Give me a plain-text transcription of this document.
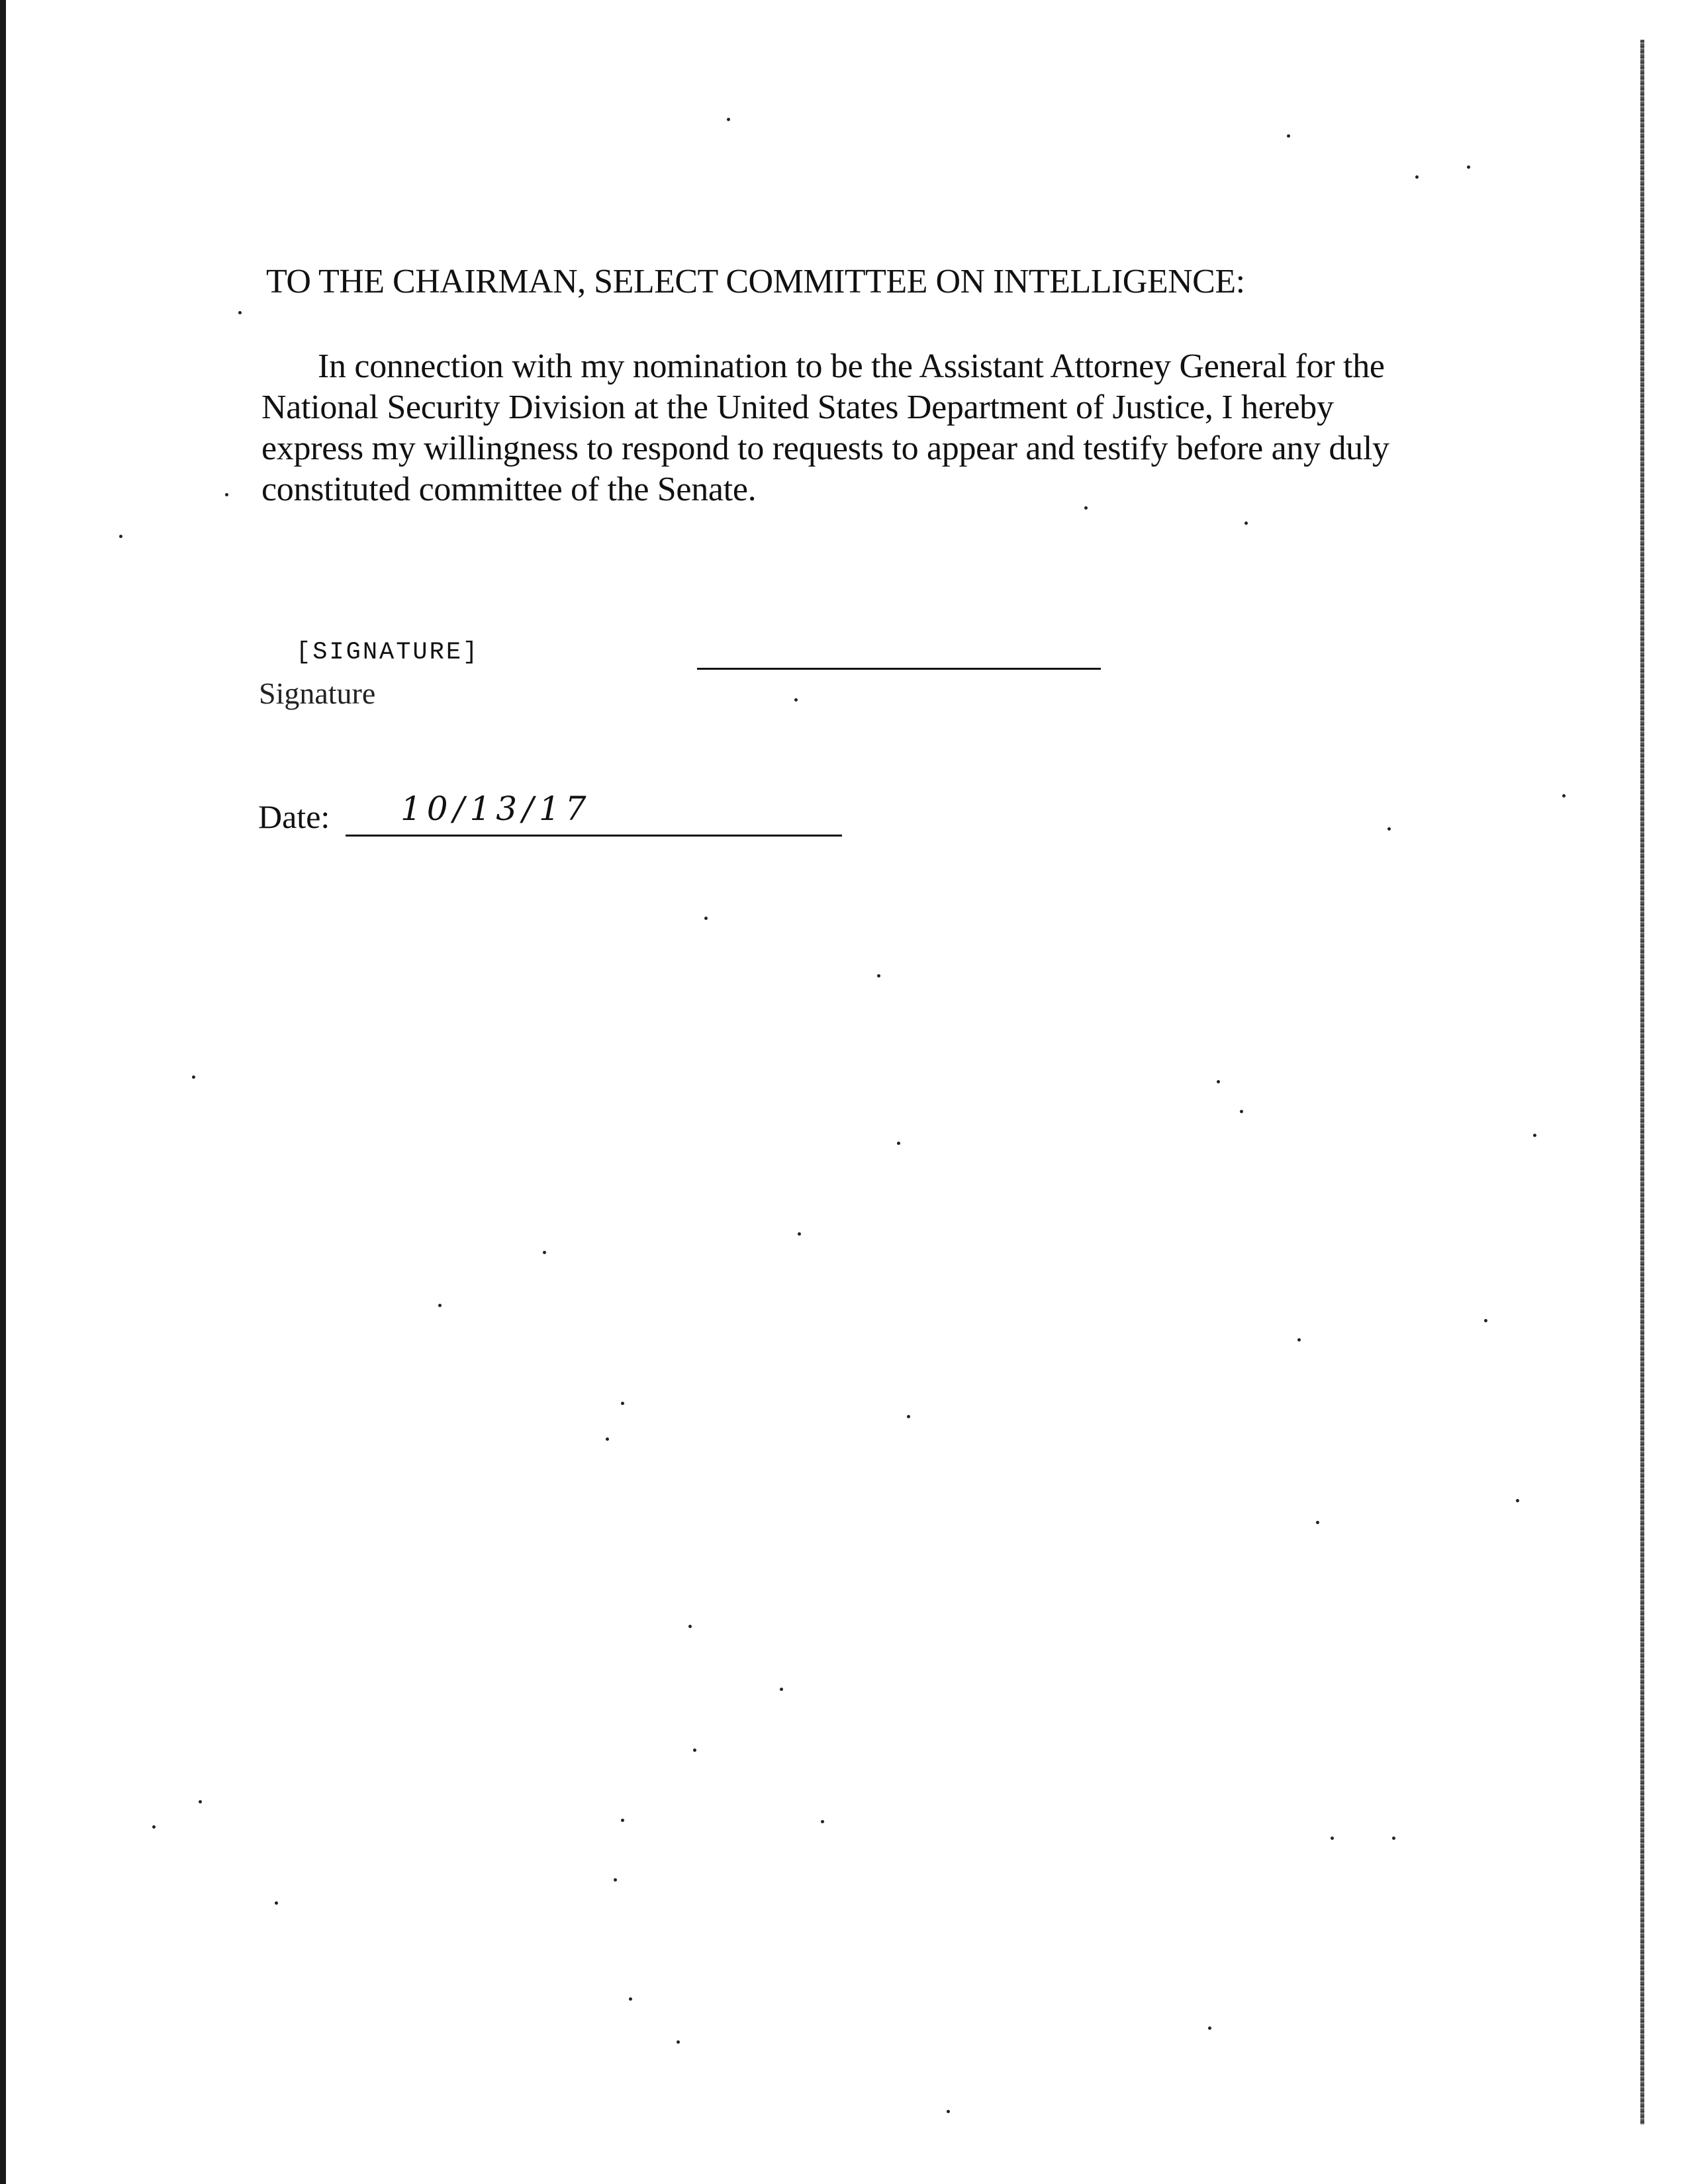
TO THE CHAIRMAN, SELECT COMMITTEE ON INTELLIGENCE:
In connection with my nomination to be the Assistant Attorney General for the
National Security Division at the United States Department of Justice, I hereby
express my willingness to respond to requests to appear and testify before any duly
constituted committee of the Senate.
[SIGNATURE]
Signature
Date: 10/13/17
